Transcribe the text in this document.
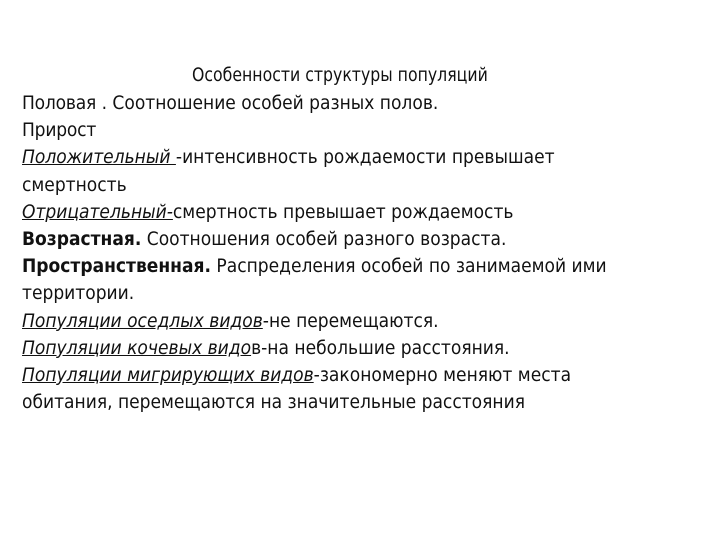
Особенности структуры популяций
Половая . Соотношение особей разных полов.
Прирост
Положительный -интенсивность рождаемости превышает
смертность
Отрицательный-смертность превышает рождаемость
Возрастная. Соотношения особей разного возраста.
Пространственная. Распределения особей по занимаемой ими
территории.
Популяции оседлых видов-не перемещаются.
Популяции кочевых видов-на небольшие расстояния.
Популяции мигрирующих видов-закономерно меняют места
обитания, перемещаются на значительные расстояния
